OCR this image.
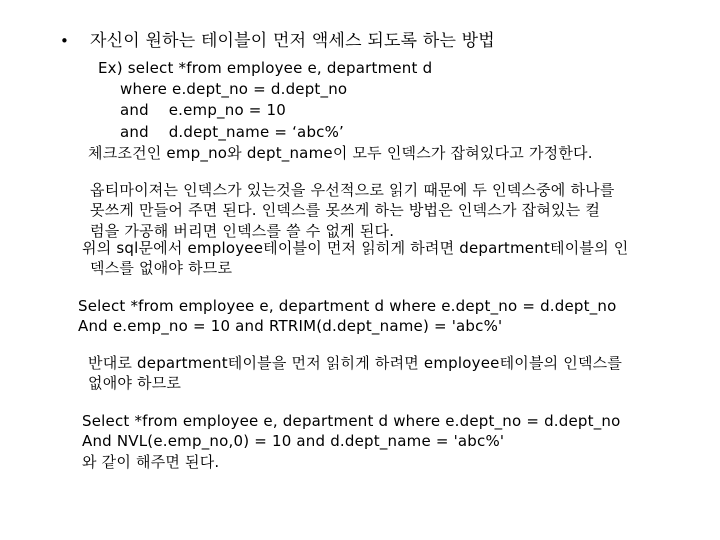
• 자신이 원하는 테이블이 먼저 액세스 되도록 하는 방법
Ex) select *from employee e, department d
where e.dept_no = d.dept_no
and    e.emp_no = 10
and    d.dept_name = ‘abc%’
체크조건인 emp_no와 dept_name이 모두 인덱스가 잡혀있다고 가정한다.
옵티마이져는 인덱스가 있는것을 우선적으로 읽기 때문에 두 인덱스중에 하나를
못쓰게 만들어 주면 된다. 인덱스를 못쓰게 하는 방법은 인덱스가 잡혀있는 컬
럼을 가공해 버리면 인덱스를 쓸 수 없게 된다.
위의 sql문에서 employee테이블이 먼저 읽히게 하려면 department테이블의 인
덱스를 없애야 하므로
Select *from employee e, department d where e.dept_no = d.dept_no
And e.emp_no = 10 and RTRIM(d.dept_name) = 'abc%'
반대로 department테이블을 먼저 읽히게 하려면 employee테이블의 인덱스를
없애야 하므로
Select *from employee e, department d where e.dept_no = d.dept_no
And NVL(e.emp_no,0) = 10 and d.dept_name = 'abc%'
와 같이 해주면 된다.
